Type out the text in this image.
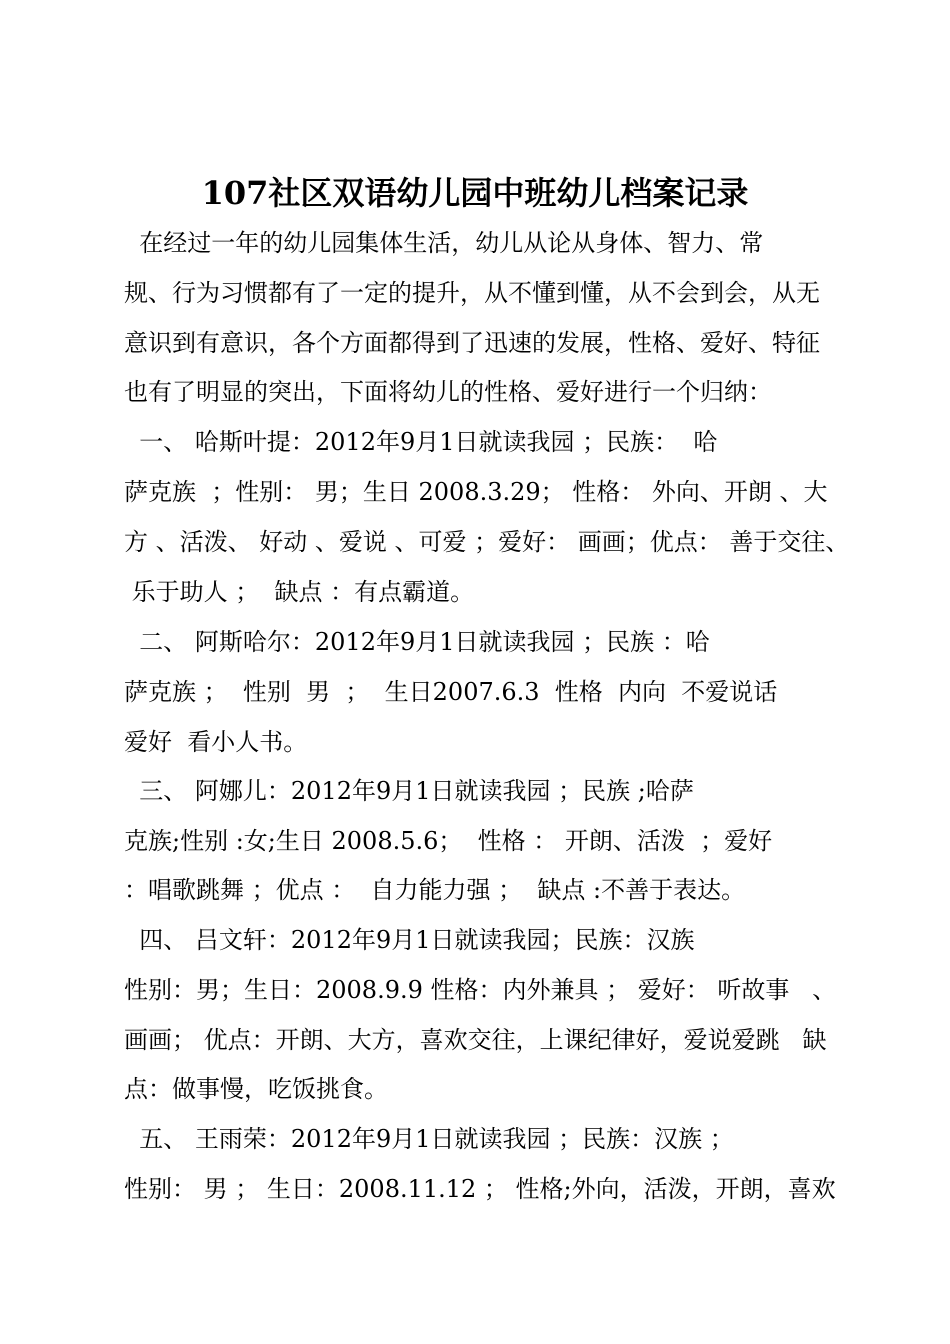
107社区双语幼儿园中班幼儿档案记录
在经过一年的幼儿园集体生活，幼儿从论从身体、智力、常
规、行为习惯都有了一定的提升，从不懂到懂，从不会到会，从无
意识到有意识，各个方面都得到了迅速的发展，性格、爱好、特征
也有了明显的突出，下面将幼儿的性格、爱好进行一个归纳：
一、 哈斯叶提：2012年9月1日就读我园 ；民族：  哈
萨克族  ；性别： 男；生日 2008.3.29； 性格： 外向、开朗 、大
方 、活泼、 好动 、爱说 、可爱 ；爱好： 画画；优点： 善于交往、
乐于助人 ；  缺点 ：有点霸道。
二、 阿斯哈尔：2012年9月1日就读我园 ；民族 ：哈
萨克族 ；  性别  男  ；  生日2007.6.3  性格  内向  不爱说话
爱好  看小人书。
三、 阿娜儿：2012年9月1日就读我园 ；民族 ;哈萨
克族;性别 :女;生日 2008.5.6；  性格 ： 开朗、活泼  ；爱好
：唱歌跳舞 ；优点 ：  自力能力强 ；  缺点 :不善于表达。
四、 吕文轩：2012年9月1日就读我园；民族：汉族
性别：男；生日：2008.9.9 性格：内外兼具 ； 爱好： 听故事   、
画画； 优点：开朗、大方，喜欢交往，上课纪律好，爱说爱跳   缺
点：做事慢，吃饭挑食。
五、 王雨荣：2012年9月1日就读我园 ；民族：汉族 ；
性别： 男 ； 生日：2008.11.12 ； 性格;外向，活泼，开朗，喜欢
